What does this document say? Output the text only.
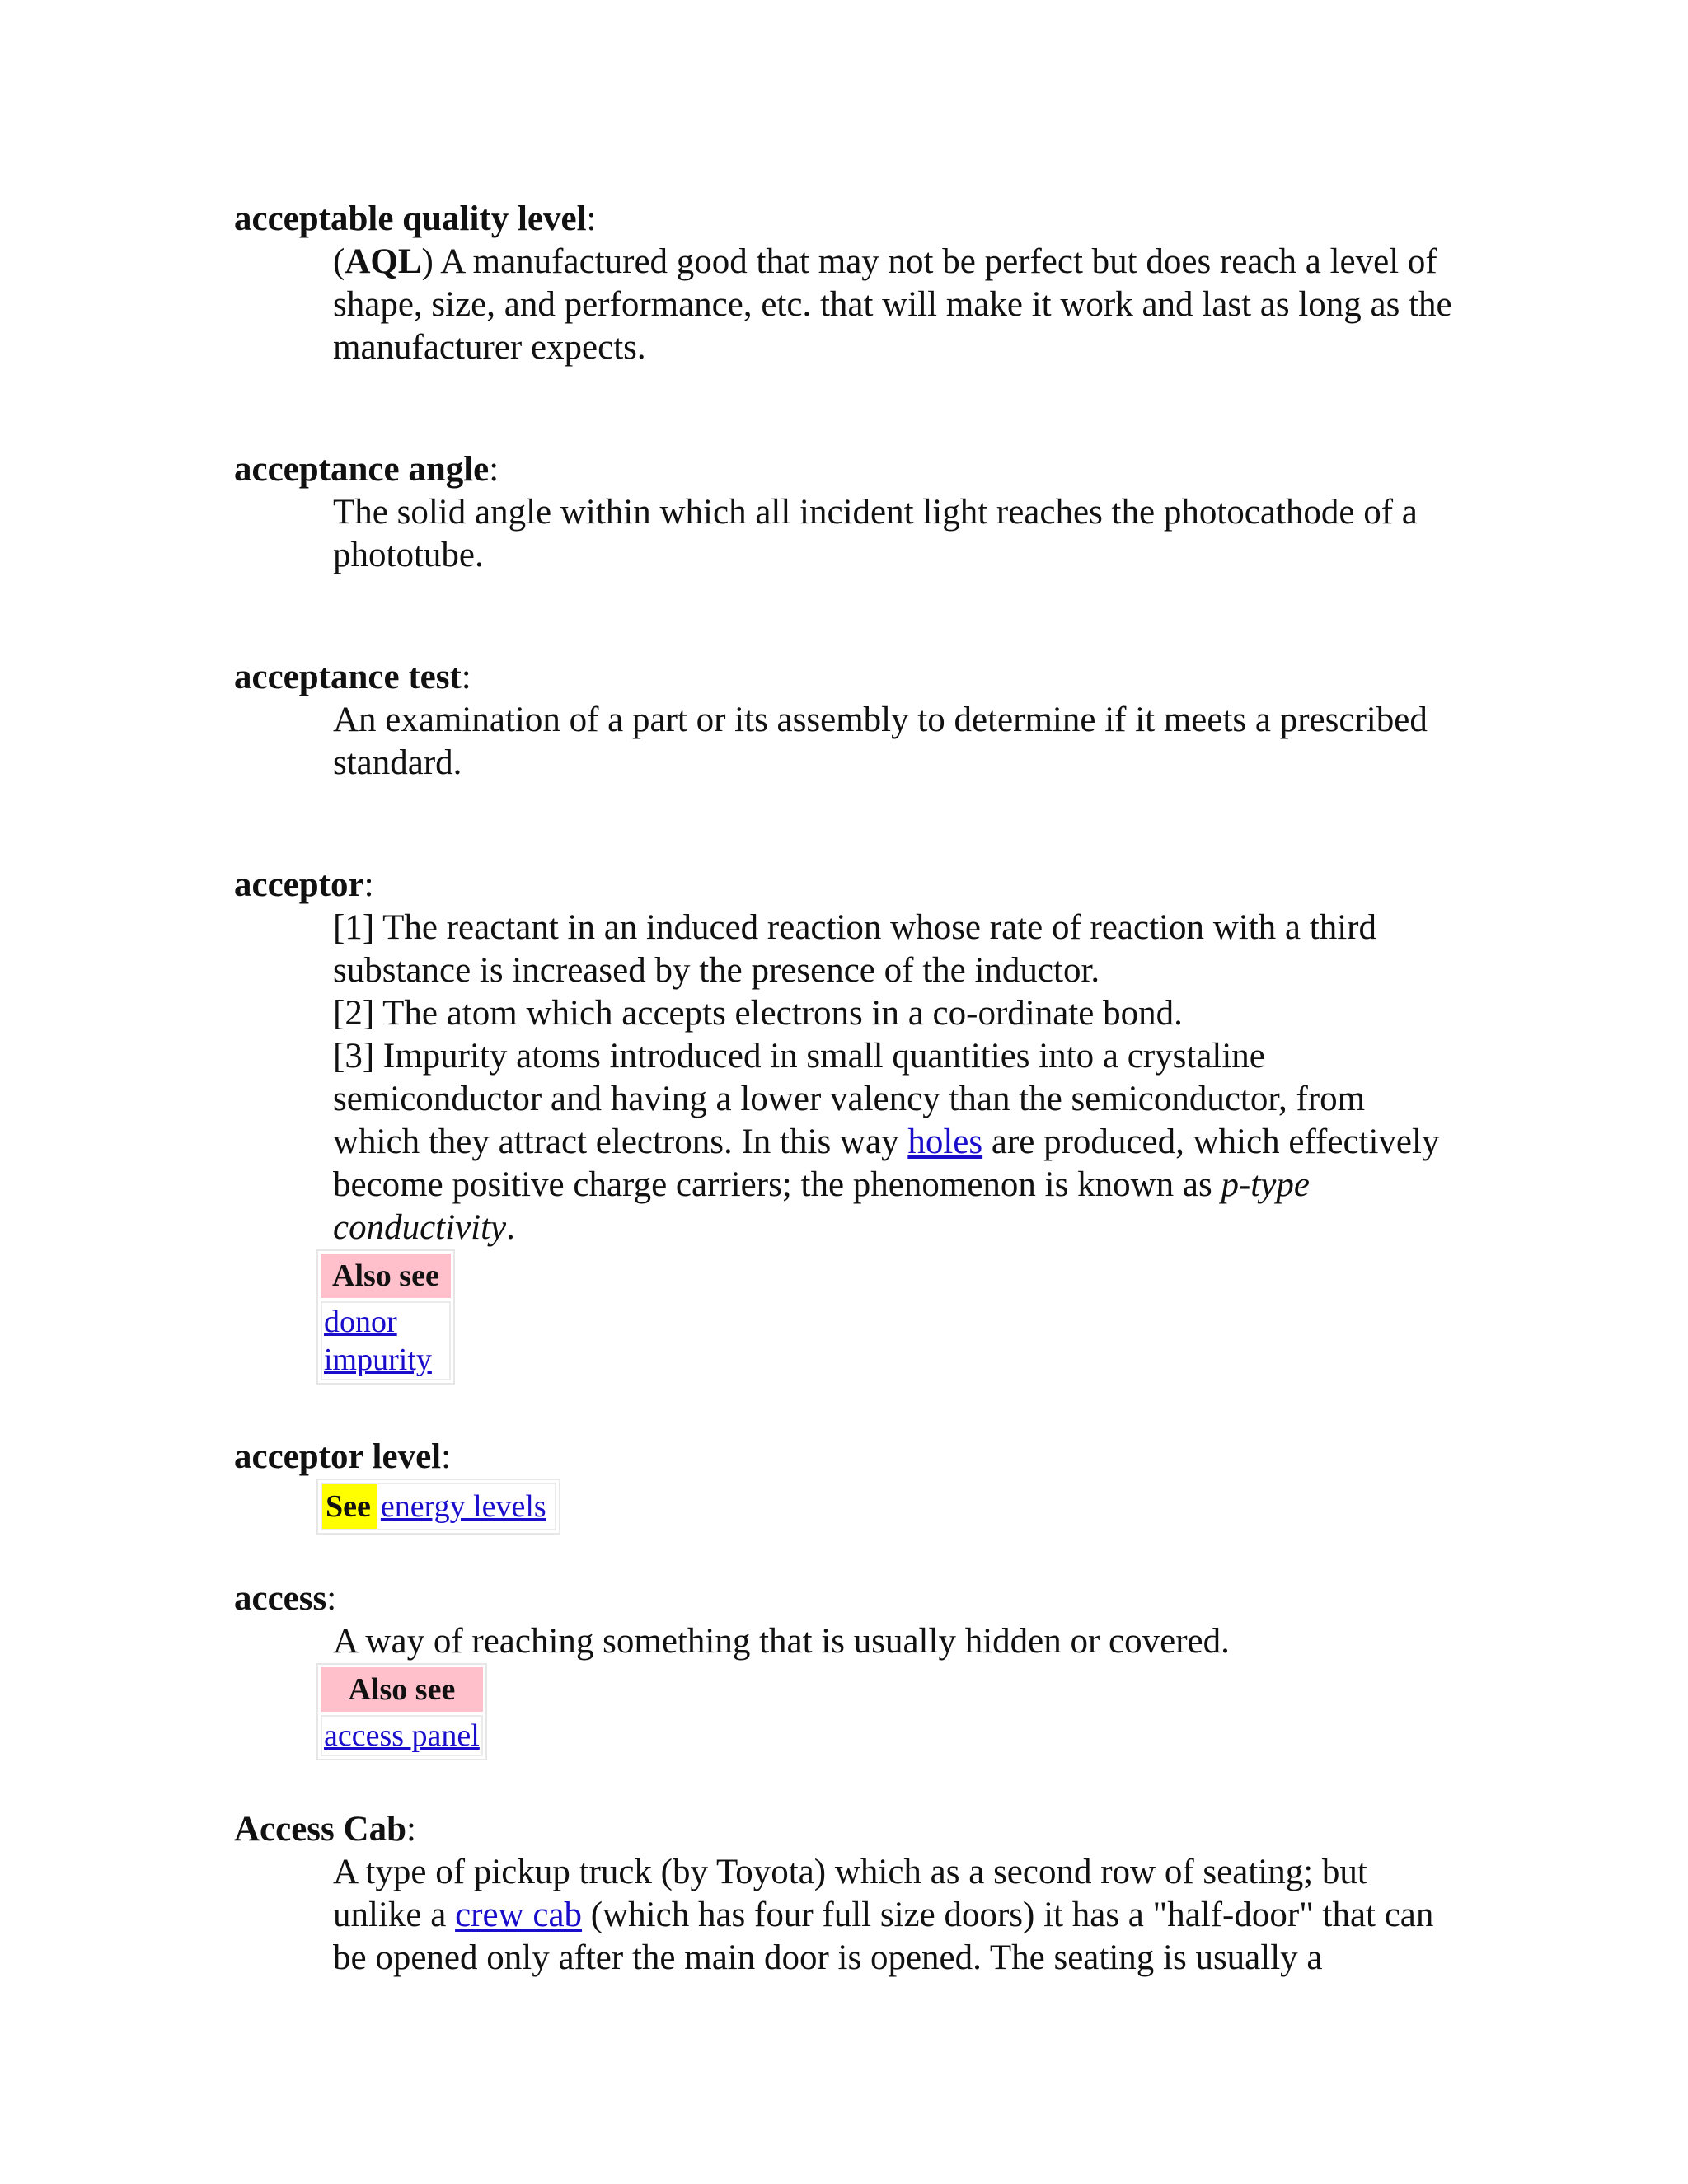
acceptable quality level:

(AQL) A manufactured good that may not be perfect but does reach a level of shape, size, and performance, etc. that will make it work and last as long as the manufacturer expects.

acceptance angle:

The solid angle within which all incident light reaches the photocathode of a phototube.

acceptance test:

An examination of a part or its assembly to determine if it meets a prescribed standard.

acceptor:

[1] The reactant in an induced reaction whose rate of reaction with a third substance is increased by the presence of the inductor.

[2] The atom which accepts electrons in a co-ordinate bond.

[3] Impurity atoms introduced in small quantities into a crystaline semiconductor and having a lower valency than the semiconductor, from which they attract electrons. In this way holes are produced, which effectively become positive charge carriers; the phenomenon is known as p-type conductivity.

Also see
donor
impurity

acceptor level:

See energy levels

access:

A way of reaching something that is usually hidden or covered.

Also see
access panel

Access Cab:

A type of pickup truck (by Toyota) which as a second row of seating; but unlike a crew cab (which has four full size doors) it has a "half-door" that can be opened only after the main door is opened. The seating is usually a
